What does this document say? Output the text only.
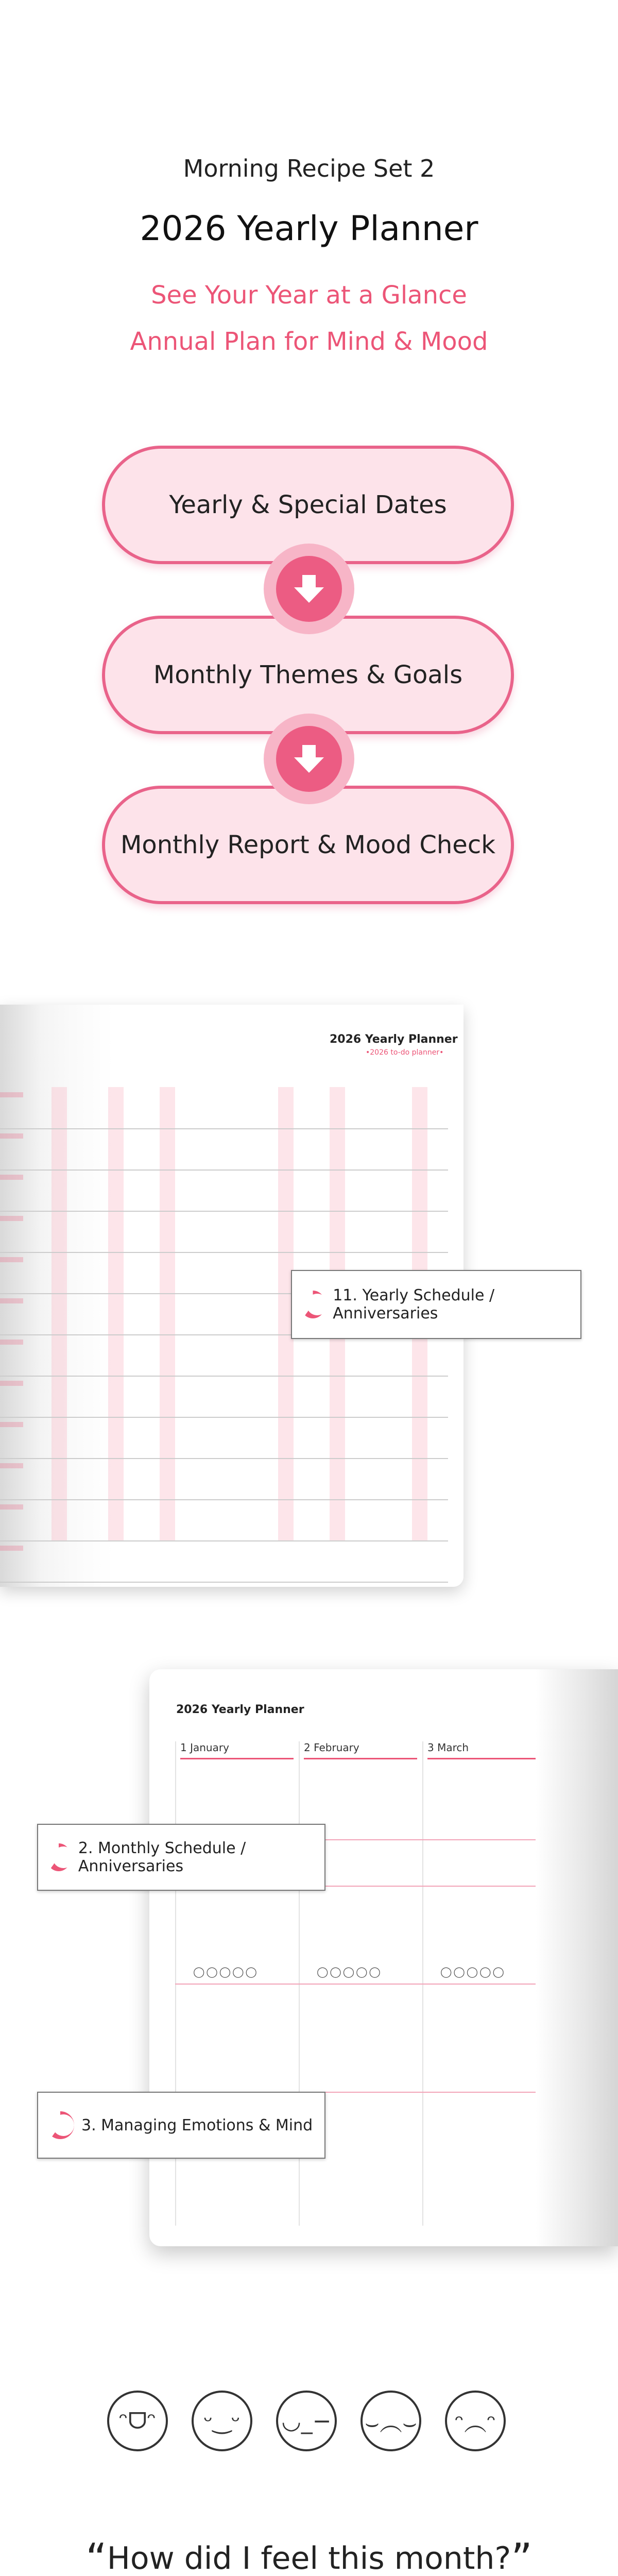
Morning Recipe Set 2
2026 Yearly Planner
See Your Year at a Glance
Annual Plan for Mind & Mood
Yearly & Special Dates
Monthly Themes & Goals
Monthly Report & Mood Check
2026 Yearly Planner
•2026 to-do planner•
11. Yearly Schedule / Anniversaries
2026 Yearly Planner
1 January	2 February	3 March
◯◯◯◯◯	◯◯◯◯◯	◯◯◯◯◯
2. Monthly Schedule / Anniversaries
3. Managing Emotions & Mind
ᵔᗜᵔ	ᵕ‿ᵕ	◡_− ⌣︵⌣	ᵔ︵ᵔ
“How did I feel this month?”
